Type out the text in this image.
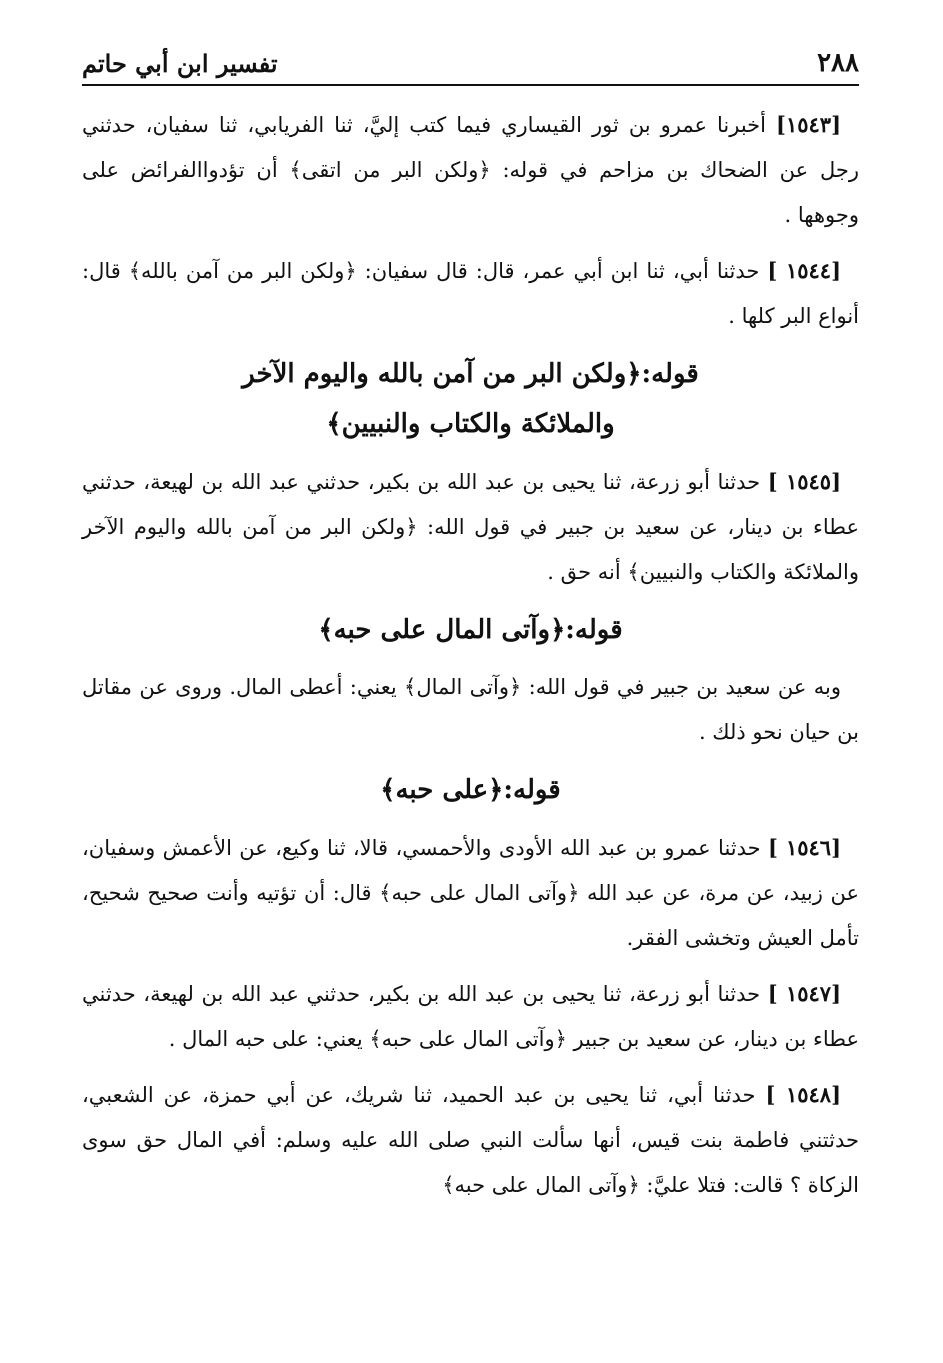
٢٨٨
تفسير ابن أبي حاتم

[١٥٤٣] أخبرنا عمرو بن ثور القيساري فيما كتب إليَّ، ثنا الفريابي، ثنا سفيان، حدثني رجل عن الضحاك بن مزاحم في قوله: ﴿ولكن البر من اتقى﴾ أن تؤدواالفرائض على وجوهها .

[١٥٤٤ ] حدثنا أبي، ثنا ابن أبي عمر، قال: قال سفيان: ﴿ولكن البر من آمن بالله﴾ قال: أنواع البر كلها .

قوله:﴿ولكن البر من آمن بالله واليوم الآخر
والملائكة والكتاب والنبيين﴾

[١٥٤٥ ] حدثنا أبو زرعة، ثنا يحيى بن عبد الله بن بكير، حدثني عبد الله بن لهيعة، حدثني عطاء بن دينار، عن سعيد بن جبير في قول الله: ﴿ولكن البر من آمن بالله واليوم الآخر والملائكة والكتاب والنبيين﴾ أنه حق .

قوله:﴿وآتى المال على حبه﴾

وبه عن سعيد بن جبير في قول الله: ﴿وآتى المال﴾ يعني: أعطى المال. وروى عن مقاتل بن حيان نحو ذلك .

قوله:﴿على حبه﴾

[١٥٤٦ ] حدثنا عمرو بن عبد الله الأودى والأحمسي، قالا، ثنا وكيع، عن الأعمش وسفيان، عن زبيد، عن مرة، عن عبد الله ﴿وآتى المال على حبه﴾ قال: أن تؤتيه وأنت صحيح شحيح، تأمل العيش وتخشى الفقر.

[١٥٤٧ ] حدثنا أبو زرعة، ثنا يحيى بن عبد الله بن بكير، حدثني عبد الله بن لهيعة، حدثني عطاء بن دينار، عن سعيد بن جبير ﴿وآتى المال على حبه﴾ يعني: على حبه المال .

[١٥٤٨ ] حدثنا أبي، ثنا يحيى بن عبد الحميد، ثنا شريك، عن أبي حمزة، عن الشعبي، حدثتني فاطمة بنت قيس، أنها سألت النبي صلى الله عليه وسلم: أفي المال حق سوى الزكاة ؟ قالت: فتلا عليَّ: ﴿وآتى المال على حبه﴾
